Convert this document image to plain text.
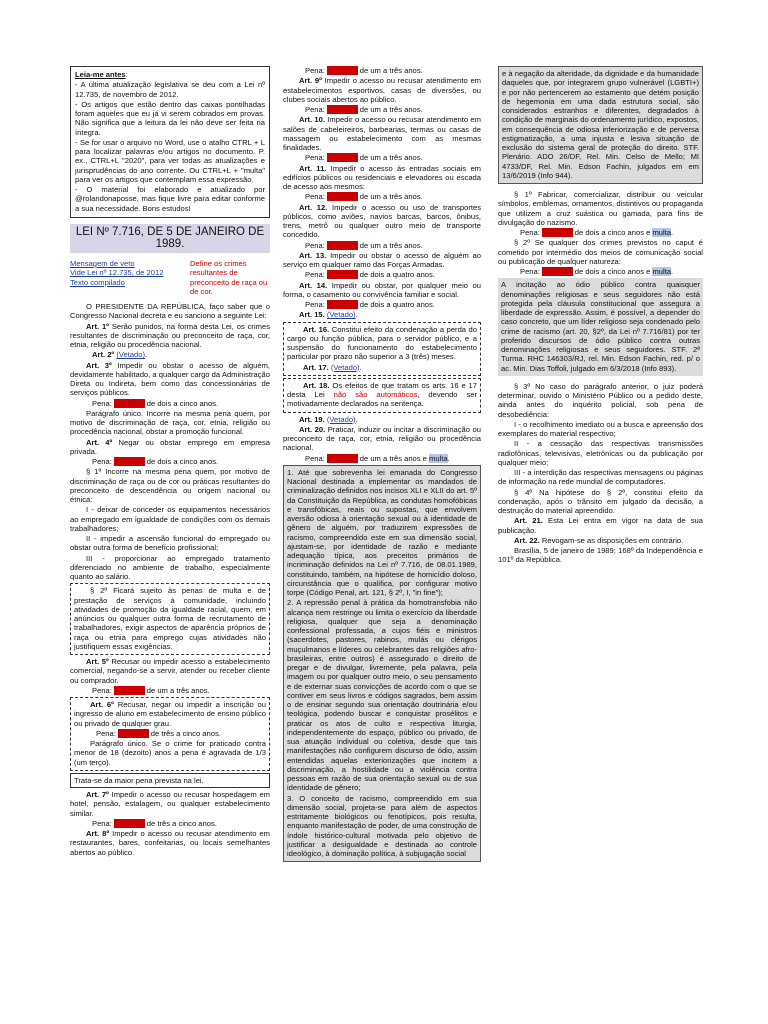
Leia-me antes:

- A última atualização legislativa se deu com a Lei nº 12.735, de novembro de 2012.

- Os artigos que estão dentro das caixas pontilhadas foram aqueles que eu já vi serem cobrados em provas. Não significa que a leitura da lei não deve ser feita na íntegra.

- Se for usar o arquivo no Word, use o atalho CTRL + L para localizar palavras e/ou artigos no documento. P. ex., CTRL+L "2020", para ver todas as atualizações e jurisprudências do ano corrente. Ou CTRL+L + "multa" para ver os artigos que contemplam essa expressão.

- O material foi elaborado e atualizado por @rolandonaposse, mas fique livre para editar conforme a sua necessidade. Bons estudos!

LEI Nº 7.716, DE 5 DE JANEIRO DE 1989.
Mensagem de veto
Vide Lei nº 12.735, de 2012
Texto compilado
Define os crimes resultantes de preconceito de raça ou de cor.

O PRESIDENTE DA REPÚBLICA, faço saber que o Congresso Nacional decreta e eu sanciono a seguinte Lei:

Art. 1º Serão punidos, na forma desta Lei, os crimes resultantes de discriminação ou preconceito de raça, cor, etnia, religião ou procedência nacional.

Art. 2º (Vetado).

Art. 3º Impedir ou obstar o acesso de alguém, devidamente habilitado, a qualquer cargo da Administração Direta ou Indireta, bem como das concessionárias de serviços públicos.

Pena: reclusão de dois a cinco anos.

Parágrafo único. Incorre na mesma pena quem, por motivo de discriminação de raça, cor, etnia, religião ou procedência nacional, obstar a promoção funcional.

Art. 4º Negar ou obstar emprego em empresa privada.

Pena: reclusão de dois a cinco anos.

§ 1º Incorre na mesma pena quem, por motivo de discriminação de raça ou de cor ou práticas resultantes do preconceito de descendência ou origem nacional ou étnica:

I - deixar de conceder os equipamentos necessários ao empregado em igualdade de condições com os demais trabalhadores;

II - impedir a ascensão funcional do empregado ou obstar outra forma de benefício profissional;

III - proporcionar ao empregado tratamento diferenciado no ambiente de trabalho, especialmente quanto ao salário.

§ 2º Ficará sujeito às penas de multa e de prestação de serviços à comunidade, incluindo atividades de promoção da igualdade racial, quem, em anúncios ou qualquer outra forma de recrutamento de trabalhadores, exigir aspectos de aparência próprios de raça ou etnia para emprego cujas atividades não justifiquem essas exigências.

Art. 5º Recusar ou impedir acesso a estabelecimento comercial, negando-se a servir, atender ou receber cliente ou comprador.

Pena: reclusão de um a três anos.

Art. 6º Recusar, negar ou impedir a inscrição ou ingresso de aluno em estabelecimento de ensino público ou privado de qualquer grau.

Pena: reclusão de três a cinco anos.

Parágrafo único. Se o crime for praticado contra menor de 18 (dezoito) anos a pena é agravada de 1/3 (um terço).

Trata-se da maior pena prevista na lei.

Art. 7º Impedir o acesso ou recusar hospedagem em hotel, pensão, estalagem, ou qualquer estabelecimento similar.

Pena: reclusão de três a cinco anos.

Art. 8º Impedir o acesso ou recusar atendimento em restaurantes, bares, confeitarias, ou locais semelhantes abertos ao público.

Pena: reclusão de um a três anos.

Art. 9º Impedir o acesso ou recusar atendimento em estabelecimentos esportivos, casas de diversões, ou clubes sociais abertos ao público.

Pena: reclusão de um a três anos.

Art. 10. Impedir o acesso ou recusar atendimento em salões de cabeleireiros, barbearias, termas ou casas de massagem ou estabelecimento com as mesmas finalidades.

Pena: reclusão de um a três anos.

Art. 11. Impedir o acesso às entradas sociais em edifícios públicos ou residenciais e elevadores ou escada de acesso aos mesmos:

Pena: reclusão de um a três anos.

Art. 12. Impedir o acesso ou uso de transportes públicos, como aviões, navios barcas, barcos, ônibus, trens, metrô ou qualquer outro meio de transporte concedido.

Pena: reclusão de um a três anos.

Art. 13. Impedir ou obstar o acesso de alguém ao serviço em qualquer ramo das Forças Armadas.

Pena: reclusão de dois a quatro anos.

Art. 14. Impedir ou obstar, por qualquer meio ou forma, o casamento ou convivência familiar e social.

Pena: reclusão de dois a quatro anos.

Art. 15. (Vetado).

Art. 16. Constitui efeito da condenação a perda do cargo ou função pública, para o servidor público, e a suspensão do funcionamento do estabelecimento particular por prazo não superior a 3 (três) meses.

Art. 17. (Vetado).

Art. 18. Os efeitos de que tratam os arts. 16 e 17 desta Lei não são automáticos, devendo ser motivadamente declarados na sentença.

Art. 19. (Vetado).

Art. 20. Praticar, induzir ou incitar a discriminação ou preconceito de raça, cor, etnia, religião ou procedência nacional.

Pena: reclusão de um a três anos e multa.

1. Até que sobrevenha lei emanada do Congresso Nacional destinada a implementar os mandados de criminalização definidos nos incisos XLI e XLII do art. 5º da Constituição da República, as condutas homofóbicas e transfóbicas, reais ou supostas, que envolvem aversão odiosa à orientação sexual ou à identidade de gênero de alguém, por traduzirem expressões de racismo, compreendido este em sua dimensão social, ajustam-se, por identidade de razão e mediante adequação típica, aos preceitos primários de incriminação definidos na Lei nº 7.716, de 08.01.1989, constituindo, também, na hipótese de homicídio doloso, circunstância que o qualifica, por configurar motivo torpe (Código Penal, art. 121, § 2º, I, "in fine");

2. A repressão penal à prática da homotransfobia não alcança nem restringe ou limita o exercício da liberdade religiosa, qualquer que seja a denominação confessional professada, a cujos fiéis e ministros (sacerdotes, pastores, rabinos, mulás ou clérigos muçulmanos e líderes ou celebrantes das religiões afro-brasileiras, entre outros) é assegurado o direito de pregar e de divulgar, livremente, pela palavra, pela imagem ou por qualquer outro meio, o seu pensamento e de externar suas convicções de acordo com o que se contiver em seus livros e códigos sagrados, bem assim o de ensinar segundo sua orientação doutrinária e/ou teológica, podendo buscar e conquistar prosélitos e praticar os atos de culto e respectiva liturgia, independentemente do espaço, público ou privado, de sua atuação individual ou coletiva, desde que tais manifestações não configurem discurso de ódio, assim entendidas aquelas exteriorizações que incitem a discriminação, a hostilidade ou a violência contra pessoas em razão de sua orientação sexual ou de sua identidade de gênero;

3. O conceito de racismo, compreendido em sua dimensão social, projeta-se para além de aspectos estritamente biológicos ou fenotípicos, pois resulta, enquanto manifestação de poder, de uma construção de índole histórico-cultural motivada pelo objetivo de justificar a desigualdade e destinada ao controle ideológico, à dominação política, à subjugação social

e à negação da alteridade, da dignidade e da humanidade daqueles que, por integrarem grupo vulnerável (LGBTI+) e por não pertencerem ao estamento que detém posição de hegemonia em uma dada estrutura social, são considerados estranhos e diferentes, degradados à condição de marginais do ordenamento jurídico, expostos, em consequência de odiosa inferiorização e de perversa estigmatização, a uma injusta e lesiva situação de exclusão do sistema geral de proteção do direito. STF. Plenário. ADO 26/DF, Rel. Min. Celso de Mello; MI 4733/DF, Rel. Min. Edson Fachin, julgados em em 13/6/2019 (Info 944).

§ 1º Fabricar, comercializar, distribuir ou veicular símbolos, emblemas, ornamentos, distintivos ou propaganda que utilizem a cruz suástica ou gamada, para fins de divulgação do nazismo.

Pena: reclusão de dois a cinco anos e multa.

§ 2º Se qualquer dos crimes previstos no caput é cometido por intermédio dos meios de comunicação social ou publicação de qualquer natureza:

Pena: reclusão de dois a cinco anos e multa.

A incitação ao ódio público contra quaisquer denominações religiosas e seus seguidores não está protegida pela cláusula constitucional que assegura a liberdade de expressão. Assim, é possível, a depender do caso concreto, que um líder religioso seja condenado pelo crime de racismo (art. 20, §2º, da Lei nº 7.716/81) por ter proferido discursos de ódio público contra outras denominações religiosas e seus seguidores. STF. 2ª Turma. RHC 146303/RJ, rel. Min. Edson Fachin, red. p/ o ac. Min. Dias Toffoli, julgado em 6/3/2018 (Info 893).

§ 3º No caso do parágrafo anterior, o juiz poderá determinar, ouvido o Ministério Público ou a pedido deste, ainda antes do inquérito policial, sob pena de desobediência:

I - o recolhimento imediato ou a busca e apreensão dos exemplares do material respectivo;

II - a cessação das respectivas transmissões radiofônicas, televisivas, eletrônicas ou da publicação por qualquer meio;

III - a interdição das respectivas mensagens ou páginas de informação na rede mundial de computadores.

§ 4º Na hipótese do § 2º, constitui efeito da condenação, após o trânsito em julgado da decisão, a destruição do material apreendido.

Art. 21. Esta Lei entra em vigor na data de sua publicação.

Art. 22. Revogam-se as disposições em contrário.

Brasília, 5 de janeiro de 1989; 168º da Independência e 101º da República.
